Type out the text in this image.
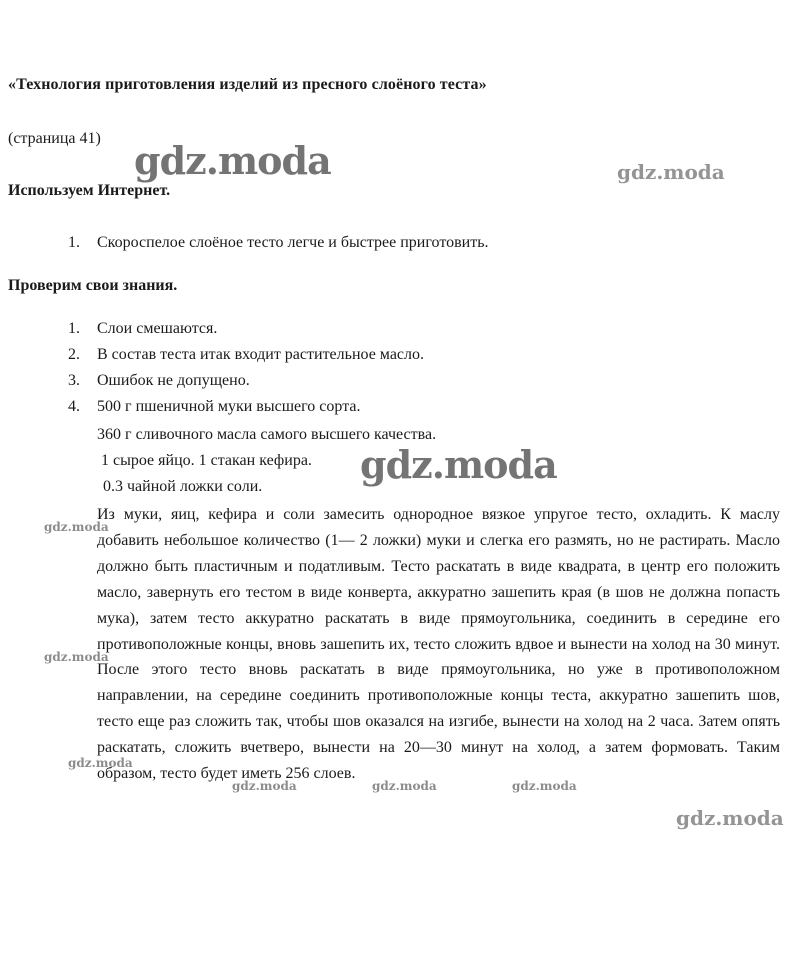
«Технология приготовления изделий из пресного слоёного теста»
(страница 41)
Используем Интернет.
1. Скороспелое слоёное тесто легче и быстрее приготовить.
Проверим свои знания.
1. Слои смешаются.
2. В состав теста итак входит растительное масло.
3. Ошибок не допущено.
4. 500 г пшеничной муки высшего сорта.

360 г сливочного масла самого высшего качества.

1 сырое яйцо. 1 стакан кефира.

0.3 чайной ложки соли.

Из муки, яиц, кефира и соли замесить однородное вязкое упругое тесто, охладить. К маслу добавить небольшое количество (1— 2 ложки) муки и слегка его размять, но не растирать. Масло должно быть пластичным и податливым. Тесто раскатать в виде квадрата, в центр его положить масло, завернуть его тестом в виде конверта, аккуратно зашепить края (в шов не должна попасть мука), затем тесто аккуратно раскатать в виде прямоугольника, соединить в середине его противоположные концы, вновь зашепить их, тесто сложить вдвое и вынести на холод на 30 минут. После этого тесто вновь раскатать в виде прямоугольника, но уже в противоположном направлении, на середине соединить противоположные концы теста, аккуратно зашепить шов, тесто еще раз сложить так, чтобы шов оказался на изгибе, вынести на холод на 2 часа. Затем опять раскатать, сложить вчетверо, вынести на 20—30 минут на холод, а затем формовать. Таким образом, тесто будет иметь 256 слоев.

gdz.moda	gdz.moda
gdz.moda
gdz.moda
gdz.moda
gdz.moda
gdz.moda
gdz.moda	gdz.moda	gdz.moda
